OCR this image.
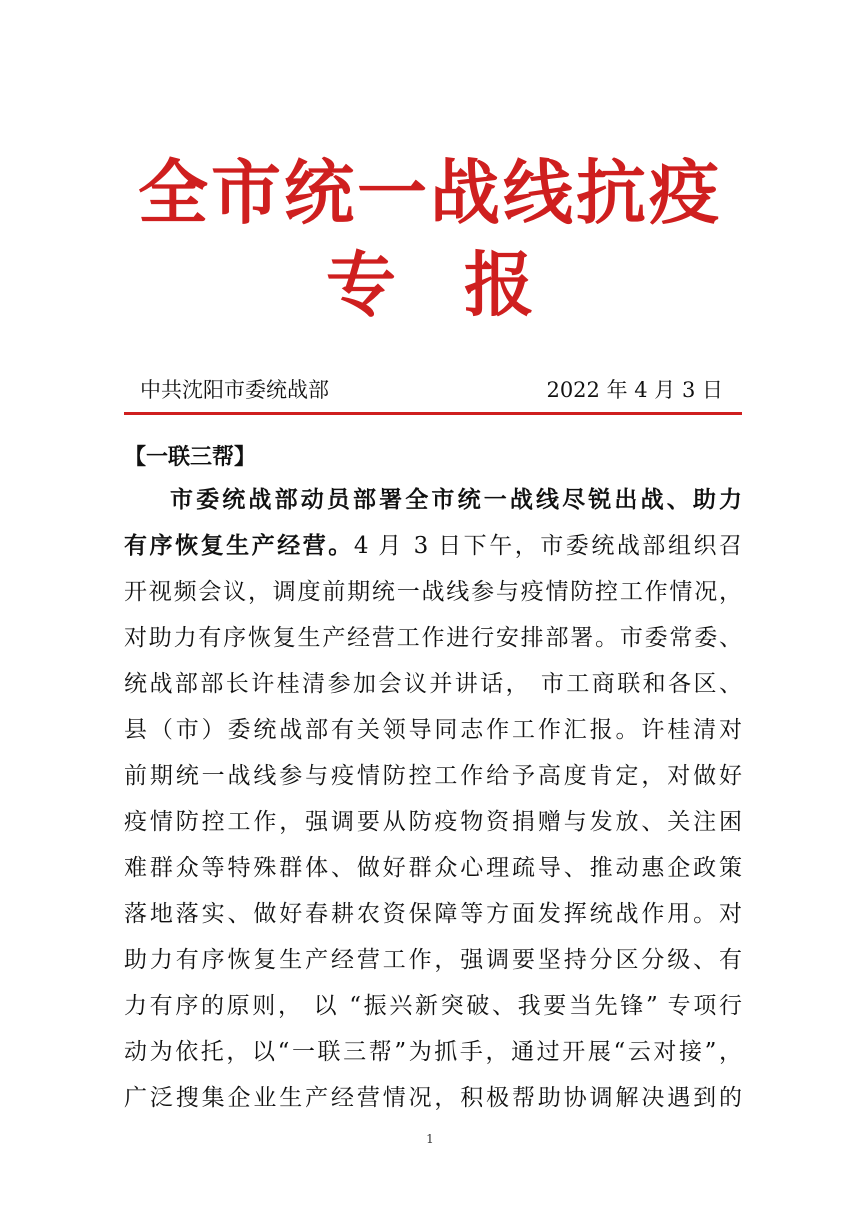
全市统一战线抗疫
专报
中共沈阳市委统战部	2022 年 4 月 3 日
【一联三帮】
市委统战部动员部署全市统一战线尽锐出战、助力
有序恢复生产经营。4 月 3 日下午，市委统战部组织召
开视频会议，调度前期统一战线参与疫情防控工作情况，
对助力有序恢复生产经营工作进行安排部署。市委常委、
统战部部长许桂清参加会议并讲话， 市工商联和各区、
县（市）委统战部有关领导同志作工作汇报。许桂清对
前期统一战线参与疫情防控工作给予高度肯定，对做好
疫情防控工作，强调要从防疫物资捐赠与发放、关注困
难群众等特殊群体、做好群众心理疏导、推动惠企政策
落地落实、做好春耕农资保障等方面发挥统战作用。对
助力有序恢复生产经营工作，强调要坚持分区分级、有
力有序的原则， 以 “振兴新突破、我要当先锋” 专项行
动为依托，以“一联三帮”为抓手，通过开展“云对接”，
广泛搜集企业生产经营情况，积极帮助协调解决遇到的
1
